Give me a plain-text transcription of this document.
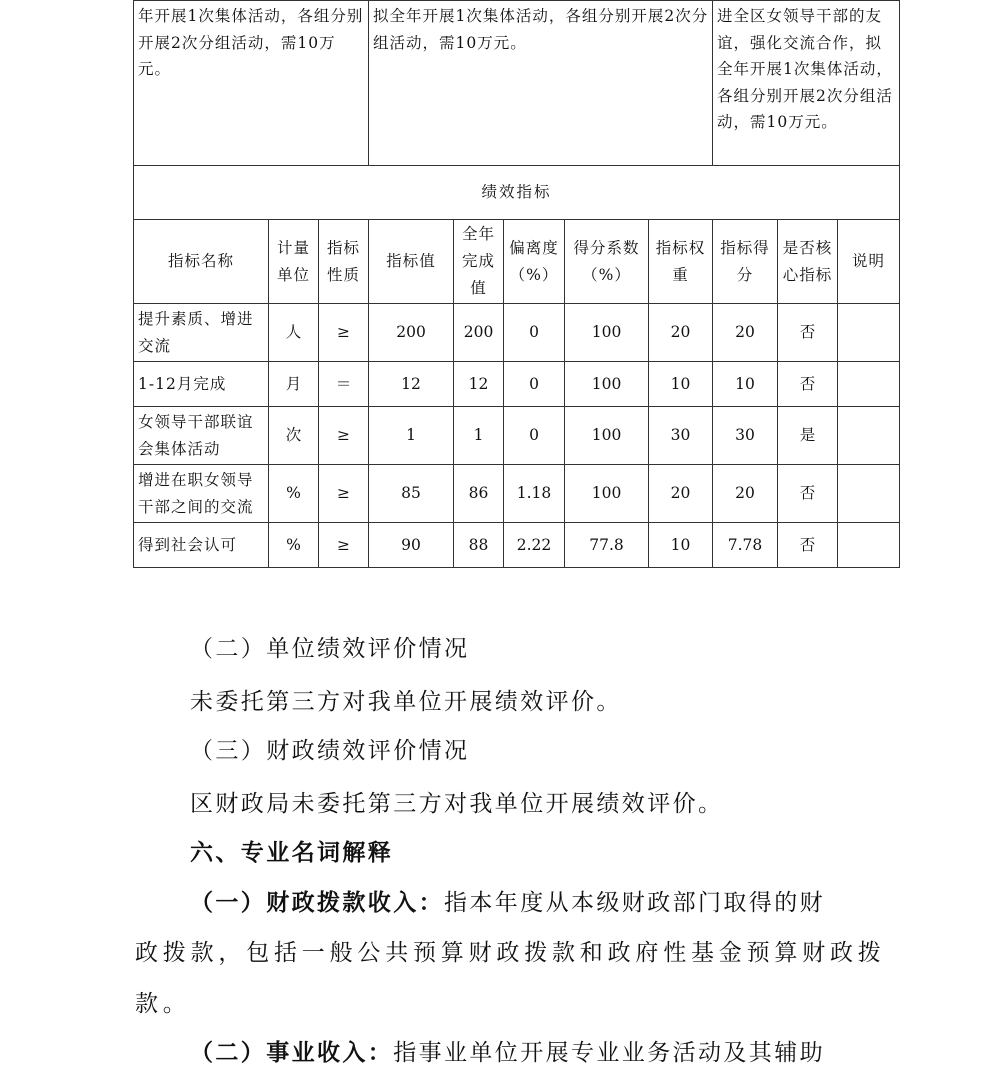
年开展1次集体活动，各组分别开展2次分组活动，需10万元。			拟全年开展1次集体活动，各组分别开展2次分组活动，需10万元。					进全区女领导干部的友谊，强化交流合作，拟全年开展1次集体活动，各组分别开展2次分组活动，需10万元。		
绩效指标										
指标名称	计量单位	指标性质	指标值	全年完成值	偏离度（%）	得分系数（%）	指标权重	指标得分	是否核心指标	说明
提升素质、增进交流	人	≥	200	200	0	100	20	20	否	
1-12月完成	月	＝	12	12	0	100	10	10	否	
女领导干部联谊会集体活动	次	≥	1	1	0	100	30	30	是	
增进在职女领导干部之间的交流	%	≥	85	86	1.18	100	20	20	否	
得到社会认可	%	≥	90	88	2.22	77.8	10	7.78	否	
（二）单位绩效评价情况
未委托第三方对我单位开展绩效评价。
（三）财政绩效评价情况
区财政局未委托第三方对我单位开展绩效评价。
六、专业名词解释
（一）财政拨款收入：指本年度从本级财政部门取得的财
政拨款，包括一般公共预算财政拨款和政府性基金预算财政拨
款。
（二）事业收入：指事业单位开展专业业务活动及其辅助
